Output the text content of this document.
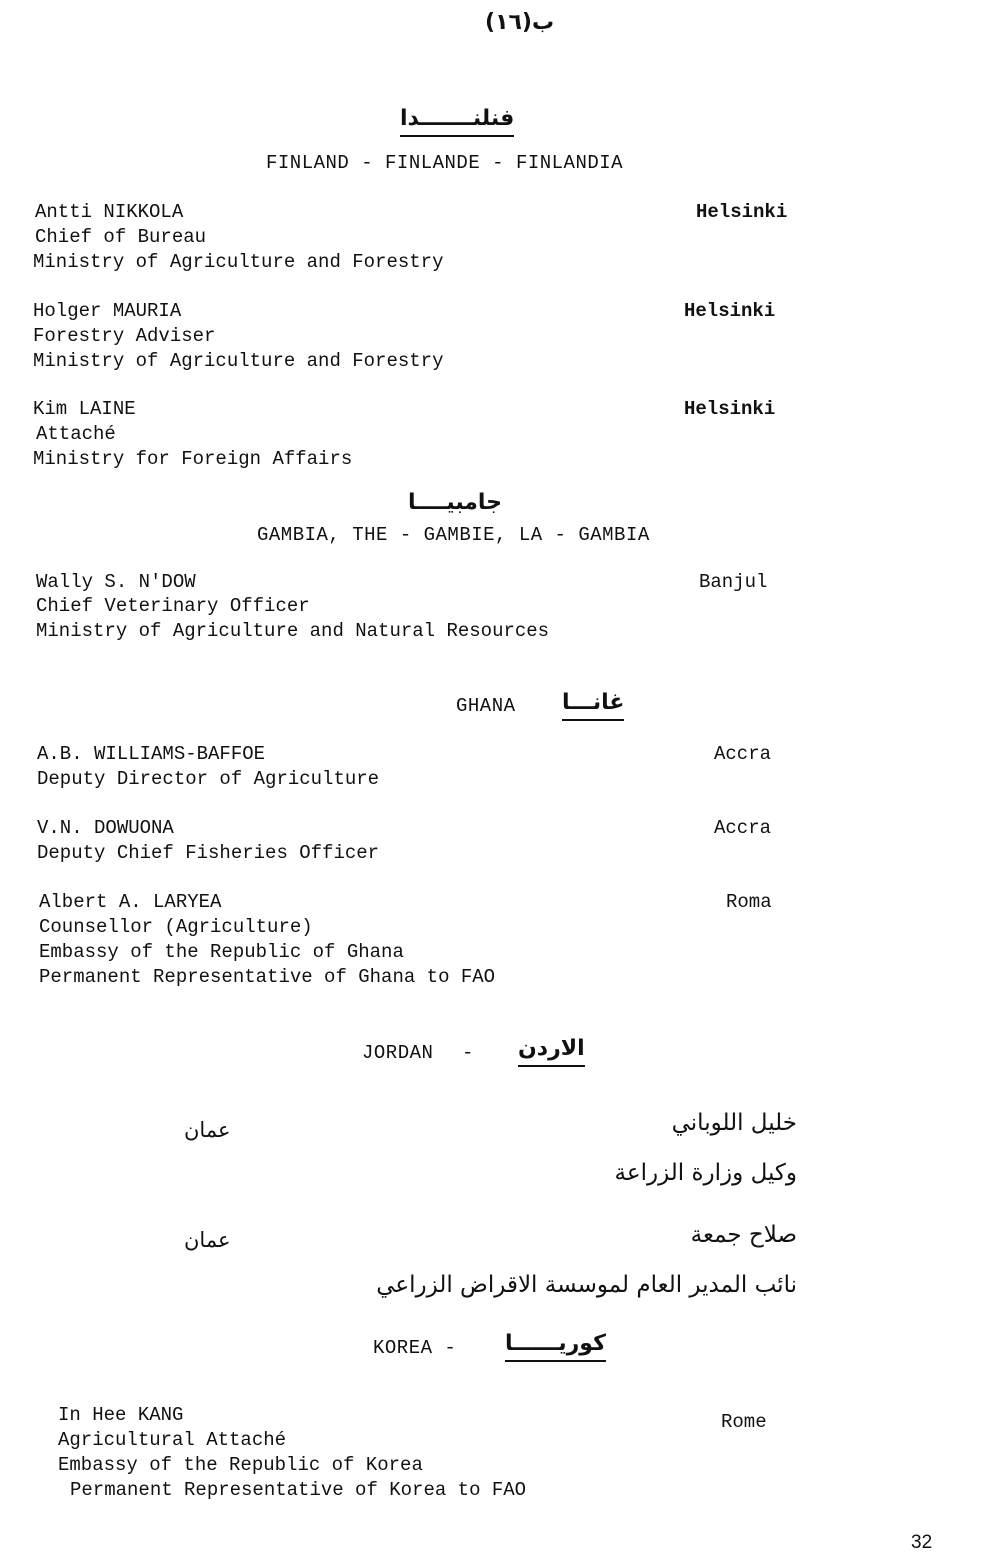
ب(١٦)
فنلنـــــــدا
FINLAND - FINLANDE - FINLANDIA
Antti NIKKOLA
Chief of Bureau
Ministry of Agriculture and Forestry
Helsinki
Holger MAURIA
Forestry Adviser
Ministry of Agriculture and Forestry
Helsinki
Kim LAINE
Attaché
Ministry for Foreign Affairs
Helsinki
جامبيــــا
GAMBIA, THE - GAMBIE, LA - GAMBIA
Wally S. N'DOW
Chief Veterinary Officer
Ministry of Agriculture and Natural Resources
Banjul
GHANA غانـــا
A.B. WILLIAMS-BAFFOE
Deputy Director of Agriculture
Accra
V.N. DOWUONA
Deputy Chief Fisheries Officer
Accra
Albert A. LARYEA
Counsellor (Agriculture)
Embassy of the Republic of Ghana
Permanent Representative of Ghana to FAO
Roma
JORDAN - الاردن
خليل اللوباني
وكيل وزارة الزراعة
عمان
صلاح جمعة
نائب المدير العام لموسسة الاقراض الزراعي
عمان
KOREA - كوريــــــا
In Hee KANG
Agricultural Attaché
Embassy of the Republic of Korea
Permanent Representative of Korea to FAO
Rome
32
